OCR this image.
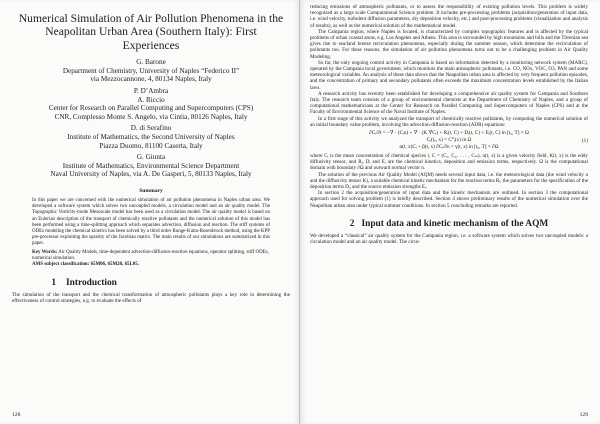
Numerical Simulation of Air Pollution Phenomena in the Neapolitan Urban Area (Southern Italy): First Experiences
G. Barone
Department of Chemistry, University of Naples “Federico II”
via Mezzocannone, 4, 80134 Naples, Italy
P. D’Ambra
A. Riccio
Center for Research on Parallel Computing and Supercomputers (CPS)
CNR, Complesso Monte S. Angelo, via Cintia, 80126 Naples, Italy
D. di Serafino
Institute of Mathematics, the Second University of Naples
Piazza Duomo, 81100 Caserta, Italy
G. Giunta
Institute of Mathematics, Environmental Science Department
Naval University of Naples, via A. De Gasperi, 5, 80133 Naples, Italy
Summary
In this paper we are concerned with the numerical simulation of air pollution phenomena in Naples urban area. We developed a software system which solves two uncoupled models, a circulation model and an air quality model. The Topographic Vorticity-mode Mesoscale model has been used as a circulation model. The air quality model is based on an Eulerian description of the transport of chemically reactive pollutants and the numerical solution of this model has been performed using a time-splitting approach which separates advection, diffusion and reaction. The stiff systems of ODEs modeling the chemical kinetics has been solved by a third order Runge-Kutta-Rosenbrock method, using the KPP pre-processor exploiting the sparsity of the Jacobian matrix. The main results of our simulations are summarized in this paper.
Key Words: Air Quality Models, time-dependent advection-diffusion-reaction equations, operator splitting, stiff ODEs, numerical simulation.
AMS subject classification: 65M06, 65M20, 65L05.
1 Introduction
The simulation of the transport and the chemical transformation of atmospheric pollutants plays a key role in determining the effectiveness of control strategies, e.g. to evaluate the effects of
128
reducing emissions of atmospheric pollutants, or to assess the responsibility of existing pollution levels. This problem is widely recognized as a large scale Computational Science problem. It includes pre-processing problems (acquisition/generation of input data, i.e. wind velocity, turbulent diffusion parameters, dry deposition velocity, etc.) and post-processing problems (visualization and analysis of results), as well as the numerical solution of the mathematical model.
The Campania region, where Naples is located, is characterized by complex topographic features and is affected by the typical problems of urban coastal areas, e.g. Los Angeles and Athens. This area is surrounded by high mountains and hills and the Tirrenian sea gives rise to sea/land breeze recirculation phenomena, especially during the summer season, which determine the recirculation of pollutants too. For these reasons, the simulation of air pollution phenomena turns out to be a challenging problem in Air Quality Modeling.
So far, the only ongoing control activity in Campania is based on information detected by a monitoring network system (MARC), operated by the Campania local government, which monitors the main atmospheric pollutants, i.e. CO, NOx, VOC, O3, PAN and some meteorological variables. An analysis of these data shows that the Neapolitan urban area is affected by very frequent pollution episodes, and the concentration of primary and secondary pollutants often exceeds the maximum concentration levels established by the Italian laws.
A research activity has recently been established for developing a comprehensive air quality system for Campania and Southern Italy. The research team consists of a group of environmental chemists at the Department of Chemistry of Naples, and a group of computational mathematicians at the Center for Research on Parallel Computing and Supercomputers of Naples (CPS) and at the Faculty of Environmental Science of the Naval Institute of Naples.
In a first stage of this activity we analyzed the transport of chemically reactive pollutants, by computing the numerical solution of an initial boundary value problem, involving the advection-diffusion-reaction (ADR) equations:
∂Cᵢ/∂t = −∇ · (Cᵢu) + ∇ · (K ∇Cᵢ) + Rᵢ(t, C) + Dᵢ(t, C) + Eᵢ(t, C) in [t₀, T] × Ω
Cᵢ(t₀, x) = C⁰ᵢ(x) in Ω
α(t, x)Cᵢ + β(t, x) ∂Cᵢ/∂n = γ(t, x) in [t₀, T] × ∂Ω
(1)
where Cᵢ is the mean concentration of chemical species i, C = (C₁, C₂, . . . , Cₘ), u(t, x) is a given velocity field, K(t, x) is the eddy diffusivity tensor, and Rᵢ, Dᵢ and Eᵢ are the chemical kinetics, deposition and emission terms, respectively. Ω is the computational domain with boundary ∂Ω and outward normal vector n.
The solution of the previous Air Quality Model (AQM) needs several input data, i.e. the meteorological data (the wind velocity u and the diffusivity tensor K), a suitable chemical kinetic mechanism for the reaction terms Rᵢ, the parameters for the specification of the deposition terms Dᵢ, and the source emission strengths Eᵢ.
In section 2 the acquisition/generation of input data and the kinetic mechanism are outlined. In section 3 the computational approach used for solving problem (1) is briefly described. Section 4 shows preliminary results of the numerical simulation over the Neapolitan urban area under typical summer conditions. In section 5 concluding remarks are reported.
2 Input data and kinetic mechanism of the AQM
We developed a “classical” air quality system for the Campania region, i.e. a software system which solves two uncoupled models: a circulation model and an air quality model. The circu-
129
